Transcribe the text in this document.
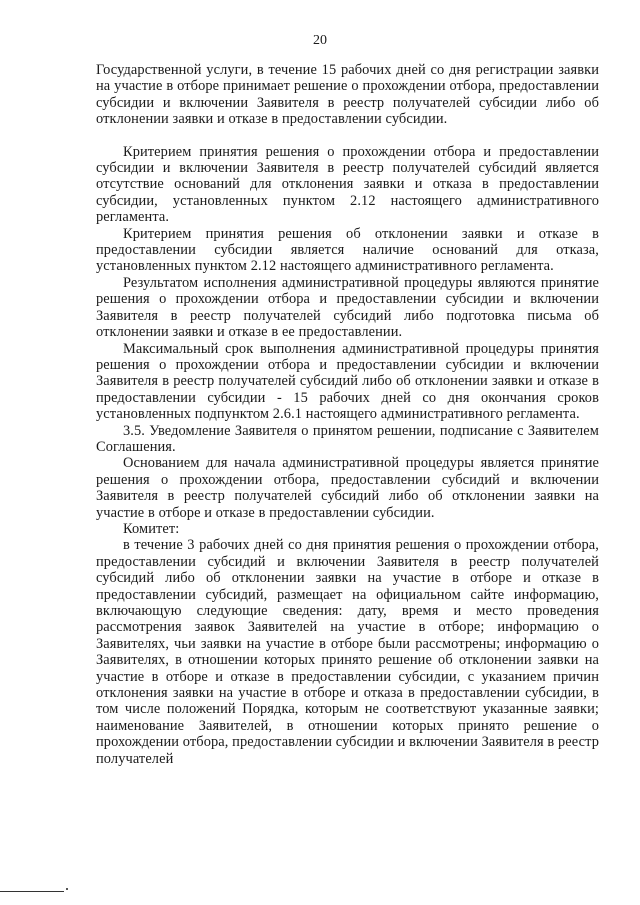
20

Государственной услуги, в течение 15 рабочих дней со дня регистрации заявки на участие в отборе принимает решение о прохождении отбора, предоставлении субсидии и включении Заявителя в реестр получателей субсидии либо об отклонении заявки и отказе в предоставлении субсидии.

Критерием принятия решения о прохождении отбора и предоставлении субсидии и включении Заявителя в реестр получателей субсидий является отсутствие оснований для отклонения заявки и отказа в предоставлении субсидии, установленных пунктом 2.12 настоящего административного регламента.

Критерием принятия решения об отклонении заявки и отказе в предоставлении субсидии является наличие оснований для отказа, установленных пунктом 2.12 настоящего административного регламента.

Результатом исполнения административной процедуры являются принятие решения о прохождении отбора и предоставлении субсидии и включении Заявителя в реестр получателей субсидий либо подготовка письма об отклонении заявки и отказе в ее предоставлении.

Максимальный срок выполнения административной процедуры принятия решения о прохождении отбора и предоставлении субсидии и включении Заявителя в реестр получателей субсидий либо об отклонении заявки и отказе в предоставлении субсидии - 15 рабочих дней со дня окончания сроков установленных подпунктом 2.6.1 настоящего административного регламента.

3.5. Уведомление Заявителя о принятом решении, подписание с Заявителем Соглашения.

Основанием для начала административной процедуры является принятие решения о прохождении отбора, предоставлении субсидий и включении Заявителя в реестр получателей субсидий либо об отклонении заявки на участие в отборе и отказе в предоставлении субсидии.

Комитет:

в течение 3 рабочих дней со дня принятия решения о прохождении отбора, предоставлении субсидий и включении Заявителя в реестр получателей субсидий либо об отклонении заявки на участие в отборе и отказе в предоставлении субсидий, размещает на официальном сайте информацию, включающую следующие сведения: дату, время и место проведения рассмотрения заявок Заявителей на участие в отборе; информацию о Заявителях, чьи заявки на участие в отборе были рассмотрены; информацию о Заявителях, в отношении которых принято решение об отклонении заявки на участие в отборе и отказе в предоставлении субсидии, с указанием причин отклонения заявки на участие в отборе и отказа в предоставлении субсидии, в том числе положений Порядка, которым не соответствуют указанные заявки; наименование Заявителей, в отношении которых принято решение о прохождении отбора, предоставлении субсидии и включении Заявителя в реестр получателей
